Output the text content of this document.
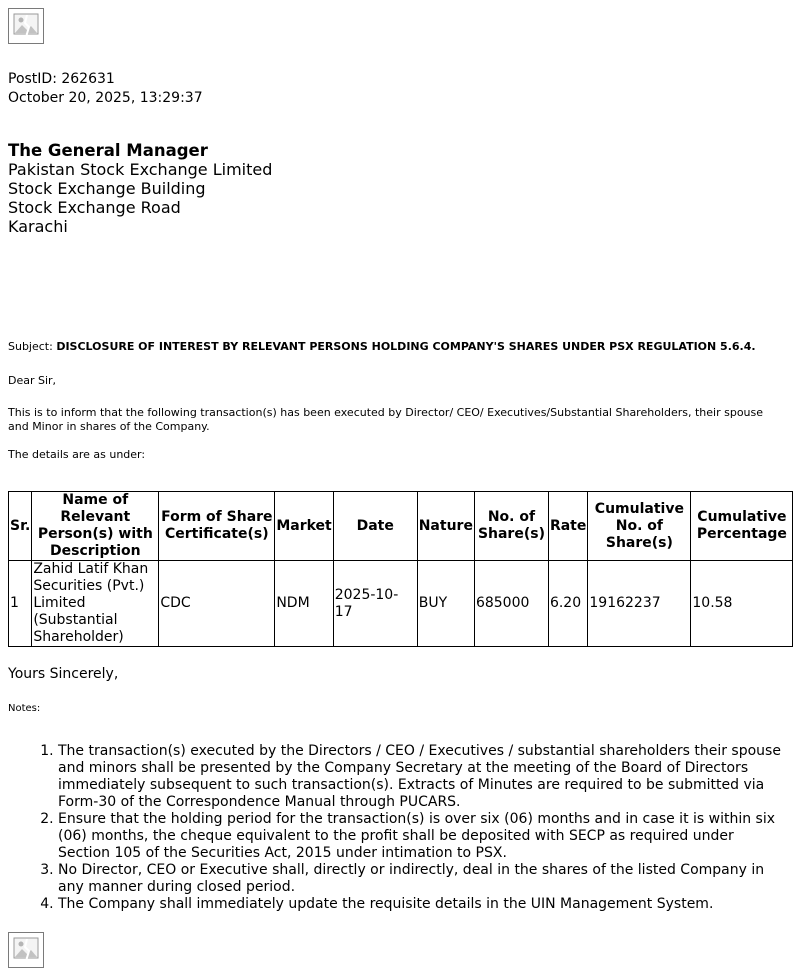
PostID: 262631
October 20, 2025, 13:29:37
The General Manager
Pakistan Stock Exchange Limited
Stock Exchange Building
Stock Exchange Road
Karachi
Subject: DISCLOSURE OF INTEREST BY RELEVANT PERSONS HOLDING COMPANY'S SHARES UNDER PSX REGULATION 5.6.4.
Dear Sir,
This is to inform that the following transaction(s) has been executed by Director/ CEO/ Executives/Substantial Shareholders, their spouse and Minor in shares of the Company.
The details are as under:
Sr.	Name of Relevant Person(s) with Description	Form of Share Certificate(s)	Market	Date	Nature	No. of Share(s)	Rate	Cumulative No. of Share(s)	Cumulative Percentage
1	Zahid Latif Khan Securities (Pvt.) Limited (Substantial Shareholder)	CDC	NDM	2025-10-17	BUY	685000	6.20	19162237	10.58
Yours Sincerely,
Notes:
1. The transaction(s) executed by the Directors / CEO / Executives / substantial shareholders their spouse and minors shall be presented by the Company Secretary at the meeting of the Board of Directors immediately subsequent to such transaction(s). Extracts of Minutes are required to be submitted via Form-30 of the Correspondence Manual through PUCARS.
2. Ensure that the holding period for the transaction(s) is over six (06) months and in case it is within six (06) months, the cheque equivalent to the profit shall be deposited with SECP as required under Section 105 of the Securities Act, 2015 under intimation to PSX.
3. No Director, CEO or Executive shall, directly or indirectly, deal in the shares of the listed Company in any manner during closed period.
4. The Company shall immediately update the requisite details in the UIN Management System.
